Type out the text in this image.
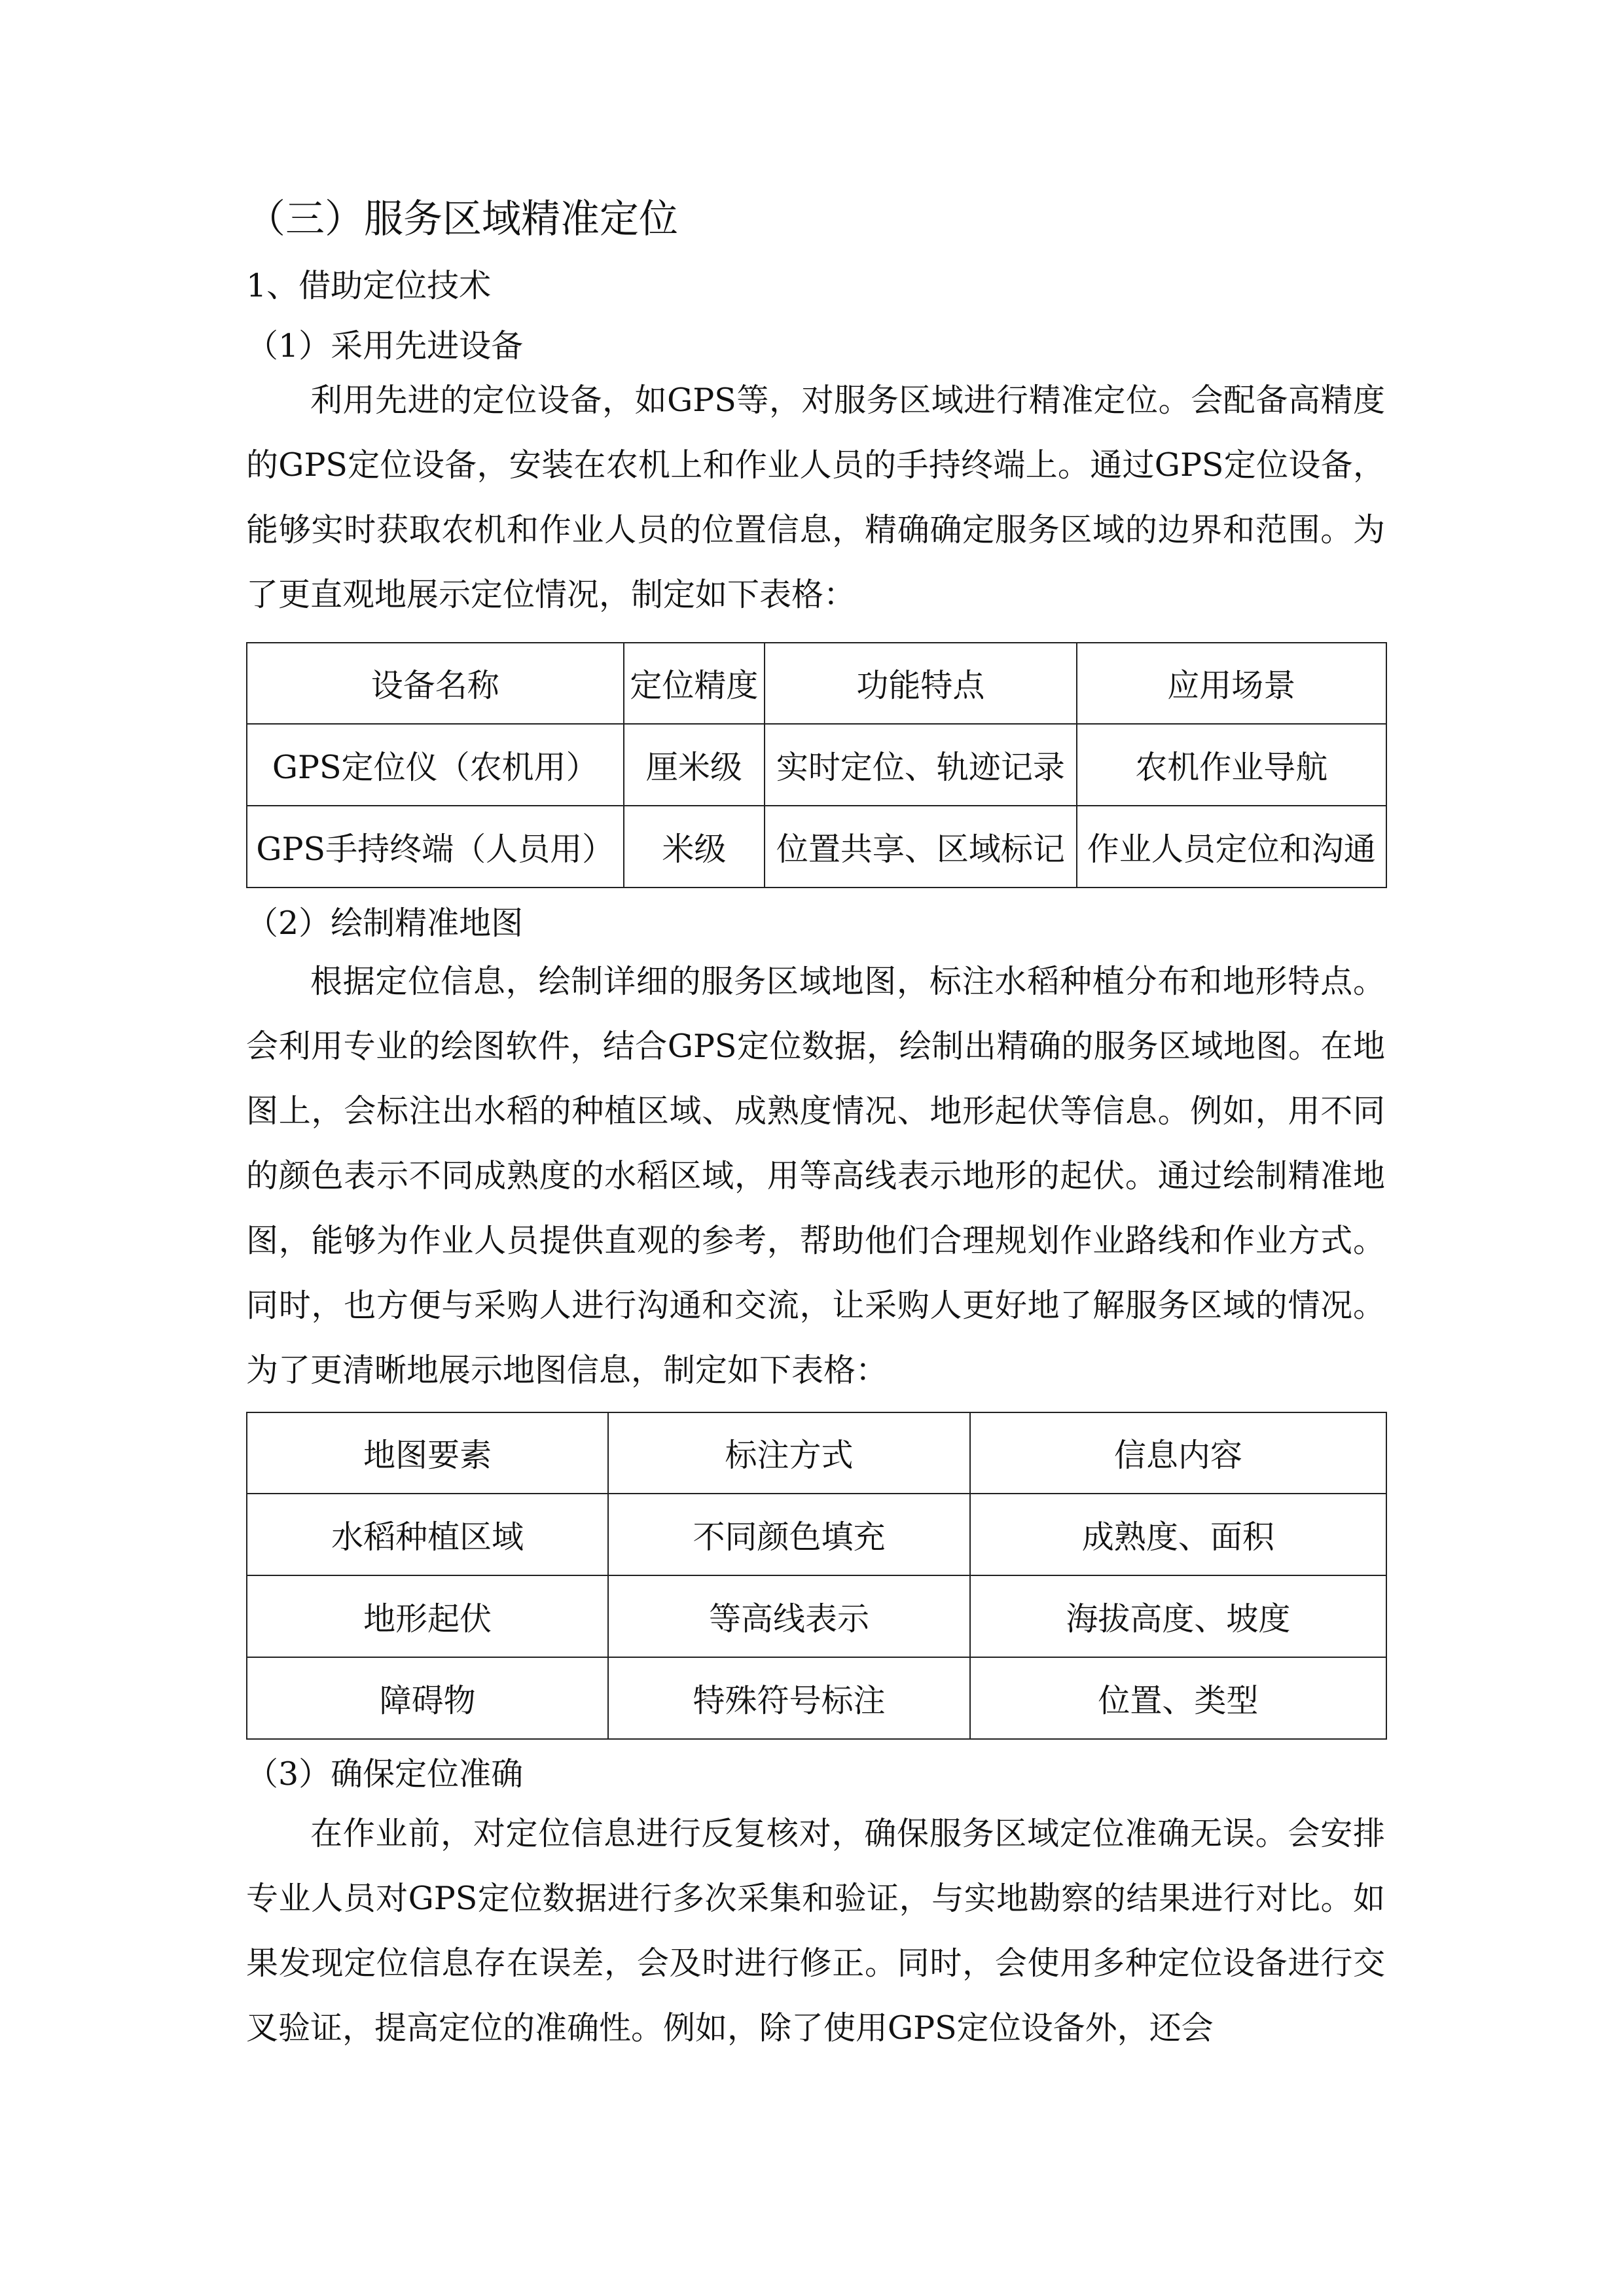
（三）服务区域精准定位
1、借助定位技术
（1）采用先进设备

利用先进的定位设备，如GPS等，对服务区域进行精准定位。会配备高精度的GPS定位设备，安装在农机上和作业人员的手持终端上。通过GPS定位设备，能够实时获取农机和作业人员的位置信息，精确确定服务区域的边界和范围。为了更直观地展示定位情况，制定如下表格：

设备名称	定位精度	功能特点	应用场景
GPS定位仪（农机用）	厘米级	实时定位、轨迹记录	农机作业导航
GPS手持终端（人员用）	米级	位置共享、区域标记	作业人员定位和沟通
（2）绘制精准地图

根据定位信息，绘制详细的服务区域地图，标注水稻种植分布和地形特点。会利用专业的绘图软件，结合GPS定位数据，绘制出精确的服务区域地图。在地图上，会标注出水稻的种植区域、成熟度情况、地形起伏等信息。例如，用不同的颜色表示不同成熟度的水稻区域，用等高线表示地形的起伏。通过绘制精准地图，能够为作业人员提供直观的参考，帮助他们合理规划作业路线和作业方式。同时，也方便与采购人进行沟通和交流，让采购人更好地了解服务区域的情况。为了更清晰地展示地图信息，制定如下表格：

地图要素	标注方式	信息内容
水稻种植区域	不同颜色填充	成熟度、面积
地形起伏	等高线表示	海拔高度、坡度
障碍物	特殊符号标注	位置、类型
（3）确保定位准确

在作业前，对定位信息进行反复核对，确保服务区域定位准确无误。会安排专业人员对GPS定位数据进行多次采集和验证，与实地勘察的结果进行对比。如果发现定位信息存在误差，会及时进行修正。同时，会使用多种定位设备进行交叉验证，提高定位的准确性。例如，除了使用GPS定位设备外，还会
